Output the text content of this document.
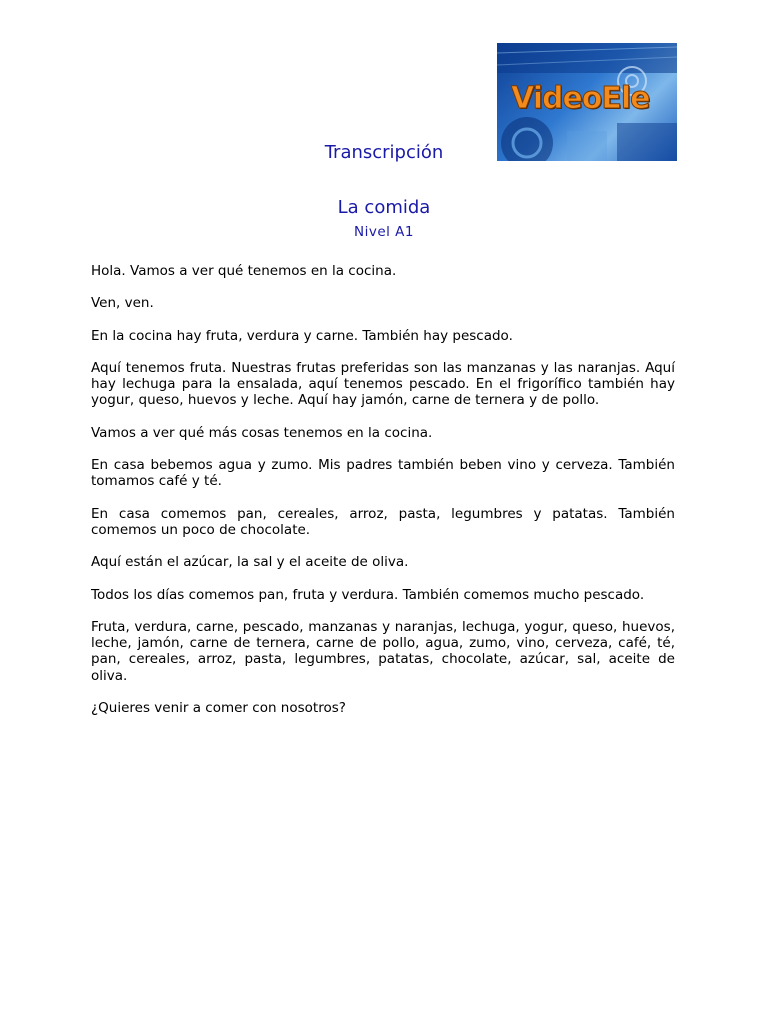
VideoEle
Transcripción
La comida
Nivel A1

Hola. Vamos a ver qué tenemos en la cocina.

Ven, ven.

En la cocina hay fruta, verdura y carne. También hay pescado.

Aquí tenemos fruta. Nuestras frutas preferidas son las manzanas y las naranjas. Aquí hay lechuga para la ensalada, aquí tenemos pescado. En el frigorífico también hay yogur, queso, huevos y leche. Aquí hay jamón, carne de ternera y de pollo.

Vamos a ver qué más cosas tenemos en la cocina.

En casa bebemos agua y zumo. Mis padres también beben vino y cerveza. También tomamos café y té.

En casa comemos pan, cereales, arroz, pasta, legumbres y patatas. También comemos un poco de chocolate.

Aquí están el azúcar, la sal y el aceite de oliva.

Todos los días comemos pan, fruta y verdura. También comemos mucho pescado.

Fruta, verdura, carne, pescado, manzanas y naranjas, lechuga, yogur, queso, huevos, leche, jamón, carne de ternera, carne de pollo, agua, zumo, vino, cerveza, café, té, pan, cereales, arroz, pasta, legumbres, patatas, chocolate, azúcar, sal, aceite de oliva.

¿Quieres venir a comer con nosotros?
